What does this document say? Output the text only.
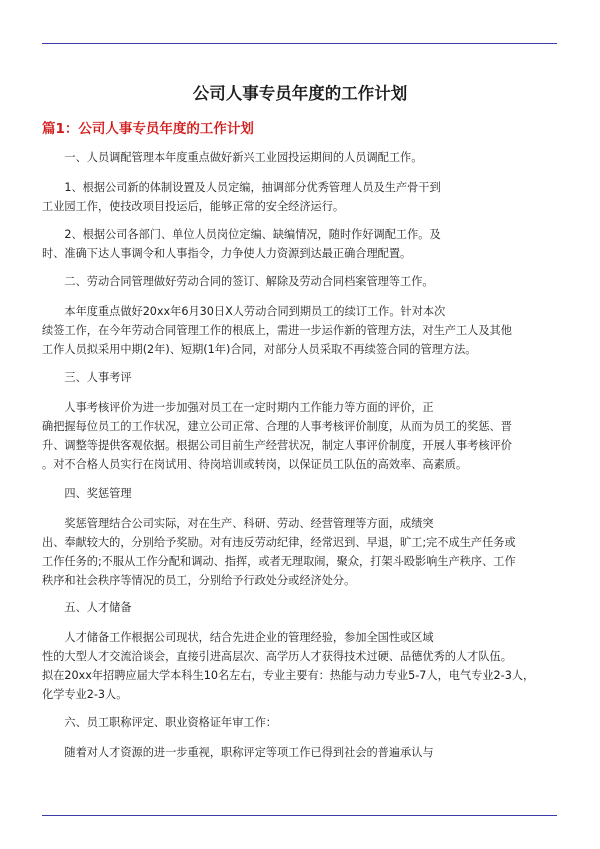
公司人事专员年度的工作计划
篇1：公司人事专员年度的工作计划
　　一、人员调配管理本年度重点做好新兴工业园投运期间的人员调配工作。
　　1、根据公司新的体制设置及人员定编，抽调部分优秀管理人员及生产骨干到
工业园工作，使技改项目投运后，能够正常的安全经济运行。
　　2、根据公司各部门、单位人员岗位定编、缺编情况，随时作好调配工作。及
时、准确下达人事调令和人事指令，力争使人力资源到达最正确合理配置。
　　二、劳动合同管理做好劳动合同的签订、解除及劳动合同档案管理等工作。
　　本年度重点做好20xx年6月30日X人劳动合同到期员工的续订工作。针对本次
续签工作，在今年劳动合同管理工作的根底上，需进一步运作新的管理方法，对生产工人及其他
工作人员拟采用中期(2年)、短期(1年)合同，对部分人员采取不再续签合同的管理方法。
　　三、人事考评
　　人事考核评价为进一步加强对员工在一定时期内工作能力等方面的评价，正
确把握每位员工的工作状况，建立公司正常、合理的人事考核评价制度，从而为员工的奖惩、晋
升、调整等提供客观依据。根据公司目前生产经营状况，制定人事评价制度，开展人事考核评价
。对不合格人员实行在岗试用、待岗培训或转岗，以保证员工队伍的高效率、高素质。
　　四、奖惩管理
　　奖惩管理结合公司实际，对在生产、科研、劳动、经营管理等方面，成绩突
出、奉献较大的，分别给予奖励。对有违反劳动纪律，经常迟到、早退，旷工;完不成生产任务或
工作任务的;不服从工作分配和调动、指挥，或者无理取闹，聚众，打架斗殴影响生产秩序、工作
秩序和社会秩序等情况的员工，分别给予行政处分或经济处分。
　　五、人才储备
　　人才储备工作根据公司现状，结合先进企业的管理经验，参加全国性或区域
性的大型人才交流洽谈会，直接引进高层次、高学历人才获得技术过硬、品德优秀的人才队伍。
拟在20xx年招聘应届大学本科生10名左右，专业主要有：热能与动力专业5-7人，电气专业2-3人，
化学专业2-3人。
　　六、员工职称评定、职业资格证年审工作：
　　随着对人才资源的进一步重视，职称评定等项工作已得到社会的普遍承认与
